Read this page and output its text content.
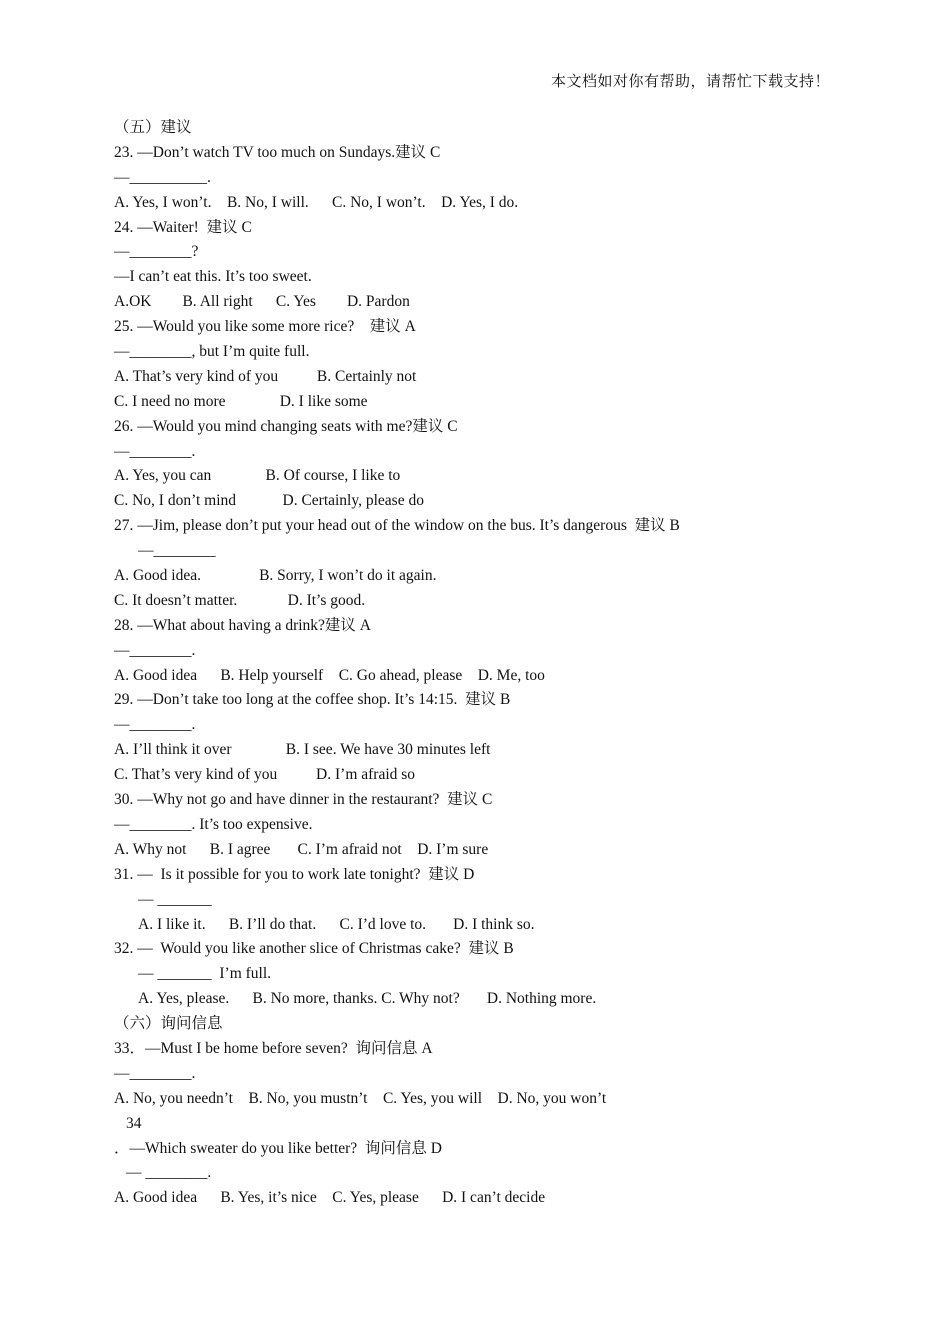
本文档如对你有帮助，请帮忙下载支持！
（五）建议
23. —Don’t watch TV too much on Sundays.建议 C
—__________.
A. Yes, I won’t.    B. No, I will.      C. No, I won’t.    D. Yes, I do.
24. —Waiter!  建议 C
—________?
—I can’t eat this. It’s too sweet.
A.OK        B. All right      C. Yes        D. Pardon
25. —Would you like some more rice?    建议 A
—________, but I’m quite full.
A. That’s very kind of you          B. Certainly not
C. I need no more              D. I like some
26. —Would you mind changing seats with me?建议 C
—________.
A. Yes, you can              B. Of course, I like to
C. No, I don’t mind            D. Certainly, please do
27. —Jim, please don’t put your head out of the window on the bus. It’s dangerous  建议 B
—________
A. Good idea.               B. Sorry, I won’t do it again.
C. It doesn’t matter.             D. It’s good.
28. —What about having a drink?建议 A
—________.
A. Good idea      B. Help yourself    C. Go ahead, please    D. Me, too
29. —Don’t take too long at the coffee shop. It’s 14:15.  建议 B
—________.
A. I’ll think it over              B. I see. We have 30 minutes left
C. That’s very kind of you          D. I’m afraid so
30. —Why not go and have dinner in the restaurant?  建议 C
—________. It’s too expensive.
A. Why not      B. I agree       C. I’m afraid not    D. I’m sure
31. —  Is it possible for you to work late tonight?  建议 D
— _______
A. I like it.      B. I’ll do that.      C. I’d love to.       D. I think so.
32. —  Would you like another slice of Christmas cake?  建议 B
— _______  I’m full.
A. Yes, please.      B. No more, thanks. C. Why not?       D. Nothing more.
（六）询问信息
33．—Must I be home before seven?  询问信息 A
—________.
A. No, you needn’t    B. No, you mustn’t    C. Yes, you will    D. No, you won’t
34
．—Which sweater do you like better?  询问信息 D
— ________.
A. Good idea      B. Yes, it’s nice    C. Yes, please      D. I can’t decide
